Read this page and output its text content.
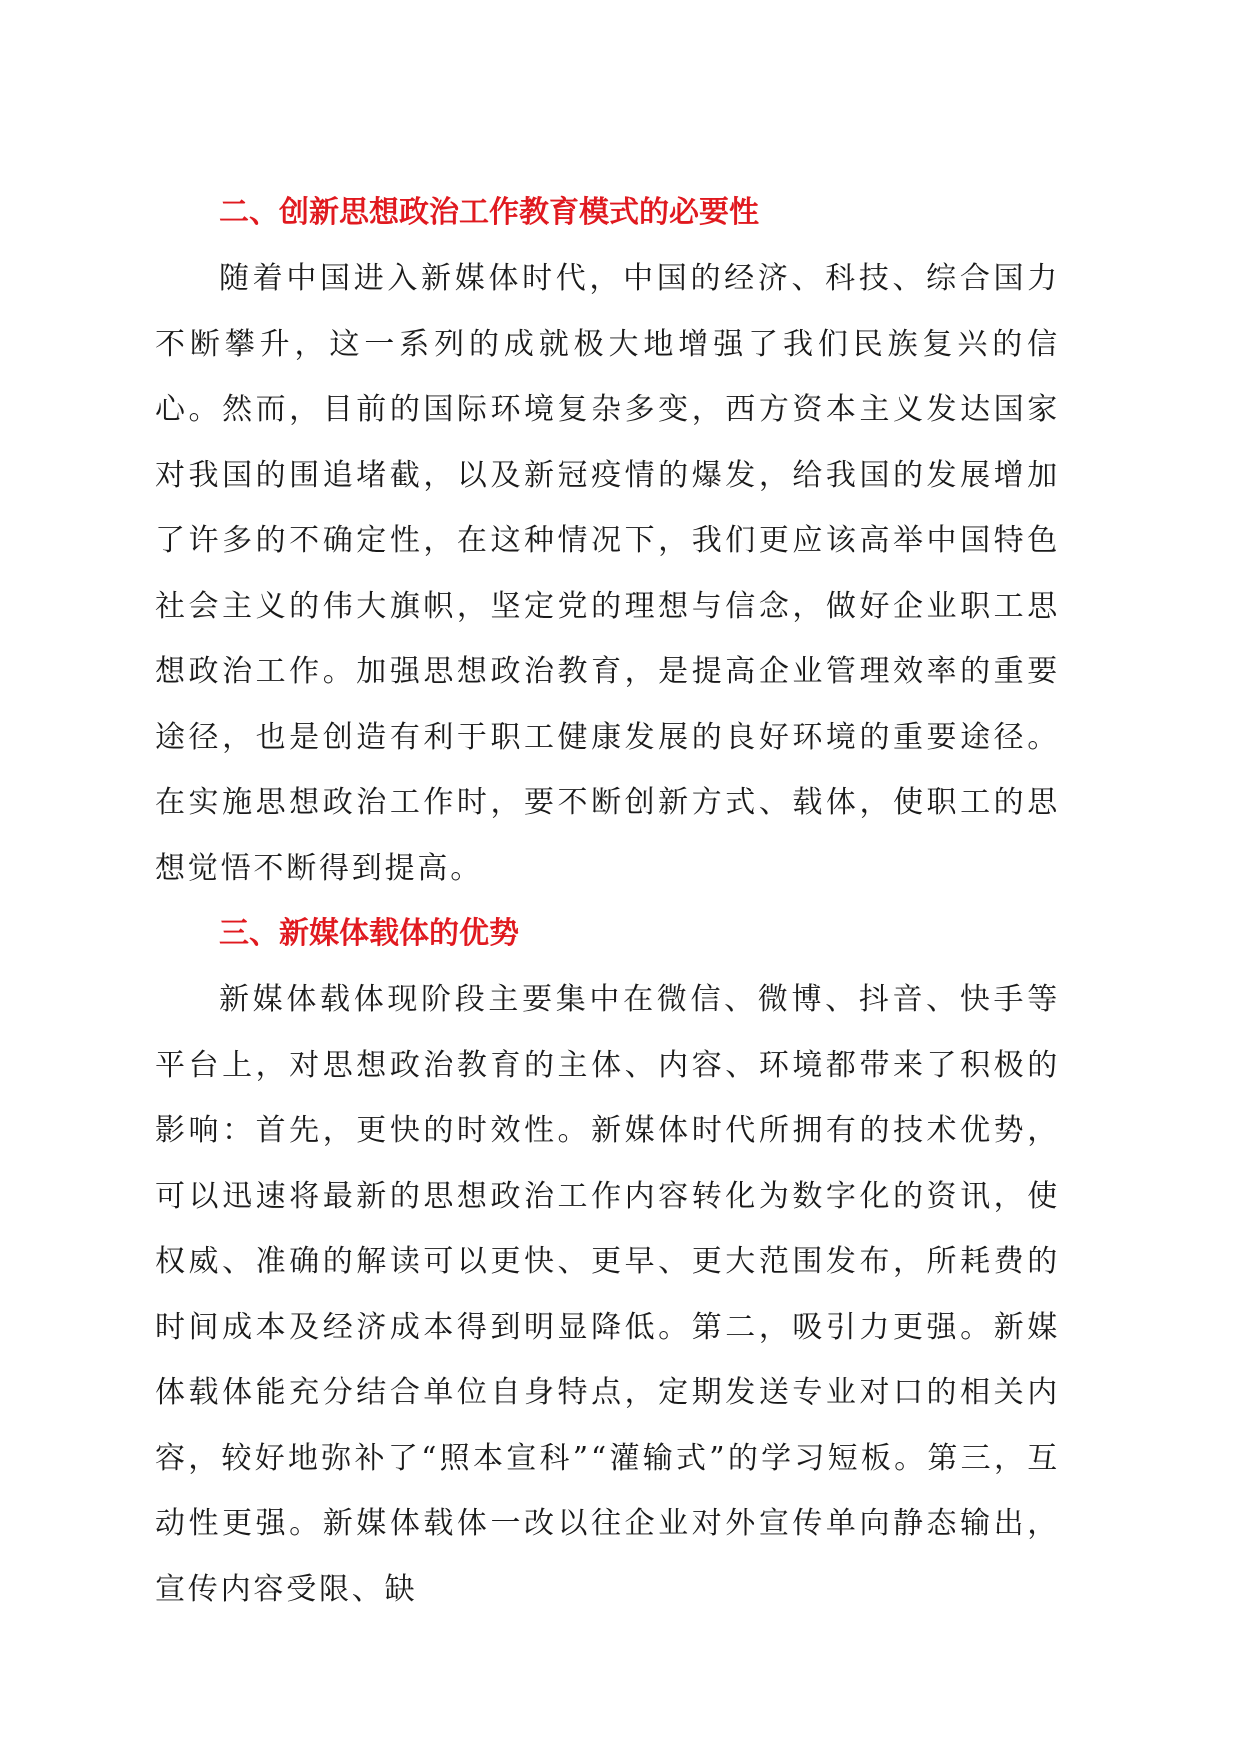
二、创新思想政治工作教育模式的必要性

随着中国进入新媒体时代，中国的经济、科技、综合国力不断攀升，这一系列的成就极大地增强了我们民族复兴的信心。然而，目前的国际环境复杂多变，西方资本主义发达国家对我国的围追堵截，以及新冠疫情的爆发，给我国的发展增加了许多的不确定性，在这种情况下，我们更应该高举中国特色社会主义的伟大旗帜，坚定党的理想与信念，做好企业职工思想政治工作。加强思想政治教育，是提高企业管理效率的重要途径，也是创造有利于职工健康发展的良好环境的重要途径。在实施思想政治工作时，要不断创新方式、载体，使职工的思想觉悟不断得到提高。

三、新媒体载体的优势

新媒体载体现阶段主要集中在微信、微博、抖音、快手等平台上，对思想政治教育的主体、内容、环境都带来了积极的影响：首先，更快的时效性。新媒体时代所拥有的技术优势，可以迅速将最新的思想政治工作内容转化为数字化的资讯，使权威、准确的解读可以更快、更早、更大范围发布，所耗费的时间成本及经济成本得到明显降低。第二，吸引力更强。新媒体载体能充分结合单位自身特点，定期发送专业对口的相关内容，较好地弥补了“照本宣科”“灌输式”的学习短板。第三，互动性更强。新媒体载体一改以往企业对外宣传单向静态输出，宣传内容受限、缺
